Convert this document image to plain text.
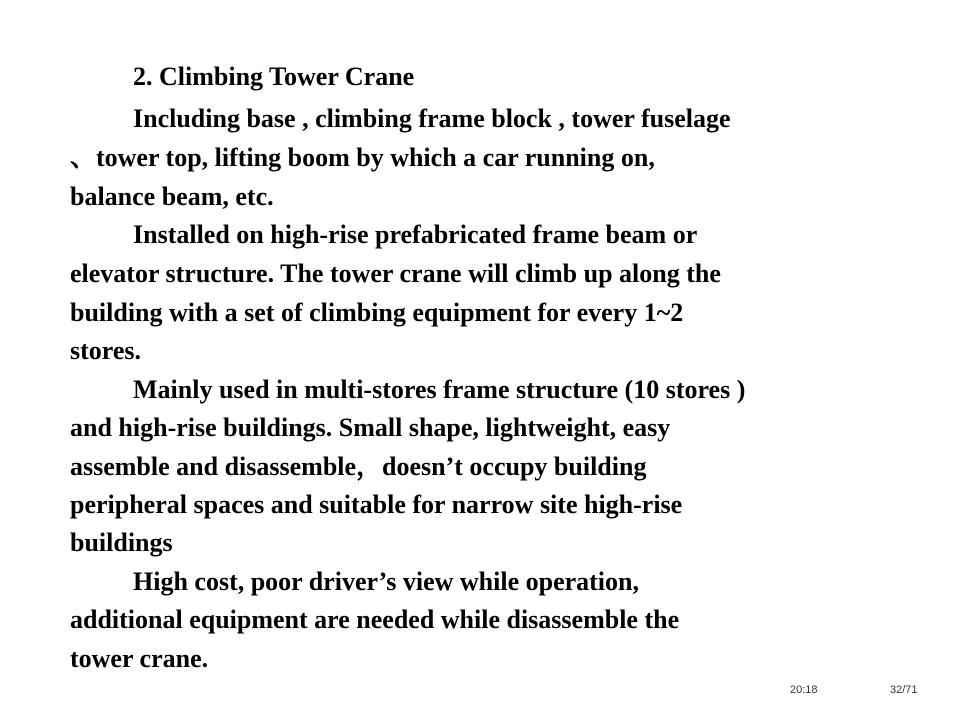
2. Climbing Tower Crane
Including base , climbing frame block , tower fuselage
、tower top, lifting boom by which a car running on,
balance beam, etc.
Installed on high-rise prefabricated frame beam or
elevator structure. The tower crane will climb up along the
building with a set of climbing equipment for every 1~2
stores.
Mainly used in multi-stores frame structure (10 stores )
and high-rise buildings. Small shape, lightweight, easy
assemble and disassemble，doesn’t occupy building
peripheral spaces and suitable for narrow site high-rise
buildings
High cost, poor driver’s view while operation,
additional equipment are needed while disassemble the
tower crane.
20:18	32/71
